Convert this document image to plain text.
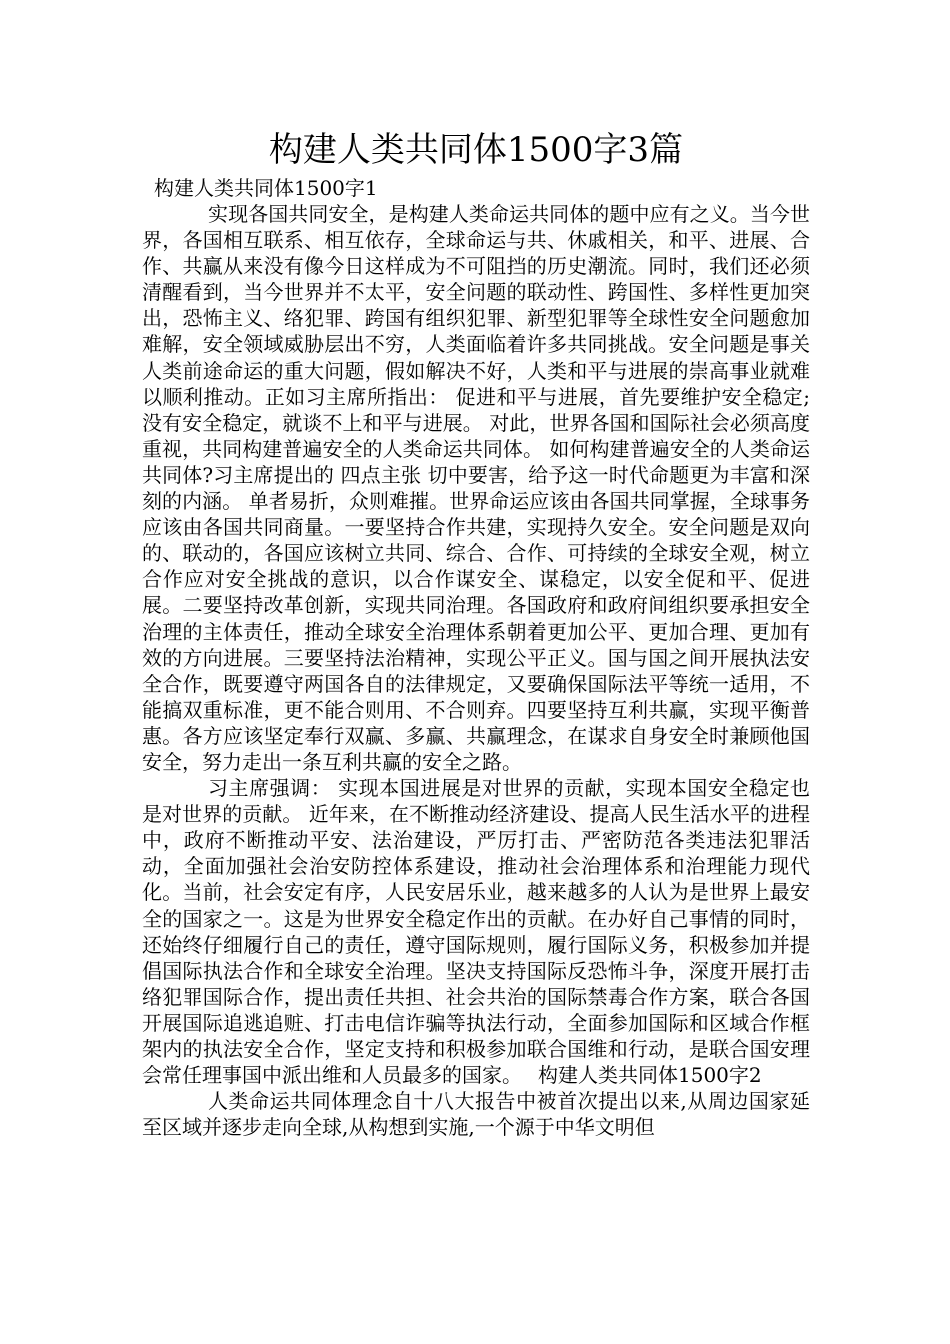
构建人类共同体1500字3篇

构建人类共同体1500字1

实现各国共同安全，是构建人类命运共同体的题中应有之义。当今世界，各国相互联系、相互依存，全球命运与共、休戚相关，和平、进展、合作、共赢从来没有像今日这样成为不可阻挡的历史潮流。同时，我们还必须清醒看到，当今世界并不太平，安全问题的联动性、跨国性、多样性更加突出，恐怖主义、络犯罪、跨国有组织犯罪、新型犯罪等全球性安全问题愈加难解，安全领域威胁层出不穷，人类面临着许多共同挑战。安全问题是事关人类前途命运的重大问题，假如解决不好，人类和平与进展的崇高事业就难以顺利推动。正如习主席所指出： 促进和平与进展，首先要维护安全稳定;没有安全稳定，就谈不上和平与进展。 对此，世界各国和国际社会必须高度重视，共同构建普遍安全的人类命运共同体。 如何构建普遍安全的人类命运共同体?习主席提出的 四点主张 切中要害，给予这一时代命题更为丰富和深刻的内涵。 单者易折，众则难摧。世界命运应该由各国共同掌握，全球事务应该由各国共同商量。一要坚持合作共建，实现持久安全。安全问题是双向的、联动的，各国应该树立共同、综合、合作、可持续的全球安全观，树立合作应对安全挑战的意识，以合作谋安全、谋稳定，以安全促和平、促进展。二要坚持改革创新，实现共同治理。各国政府和政府间组织要承担安全治理的主体责任，推动全球安全治理体系朝着更加公平、更加合理、更加有效的方向进展。三要坚持法治精神，实现公平正义。国与国之间开展执法安全合作，既要遵守两国各自的法律规定，又要确保国际法平等统一适用，不能搞双重标准，更不能合则用、不合则弃。四要坚持互利共赢，实现平衡普惠。各方应该坚定奉行双赢、多赢、共赢理念，在谋求自身安全时兼顾他国安全，努力走出一条互利共赢的安全之路。

习主席强调： 实现本国进展是对世界的贡献，实现本国安全稳定也是对世界的贡献。 近年来，在不断推动经济建设、提高人民生活水平的进程中，政府不断推动平安、法治建设，严厉打击、严密防范各类违法犯罪活动，全面加强社会治安防控体系建设，推动社会治理体系和治理能力现代化。当前，社会安定有序，人民安居乐业，越来越多的人认为是世界上最安全的国家之一。这是为世界安全稳定作出的贡献。在办好自己事情的同时，还始终仔细履行自己的责任，遵守国际规则，履行国际义务，积极参加并提倡国际执法合作和全球安全治理。坚决支持国际反恐怖斗争，深度开展打击络犯罪国际合作，提出责任共担、社会共治的国际禁毒合作方案，联合各国开展国际追逃追赃、打击电信诈骗等执法行动，全面参加国际和区域合作框架内的执法安全合作，坚定支持和积极参加联合国维和行动，是联合国安理会常任理事国中派出维和人员最多的国家。 构建人类共同体1500字2

人类命运共同体理念自十八大报告中被首次提出以来,从周边国家延至区域并逐步走向全球,从构想到实施,一个源于中华文明但
